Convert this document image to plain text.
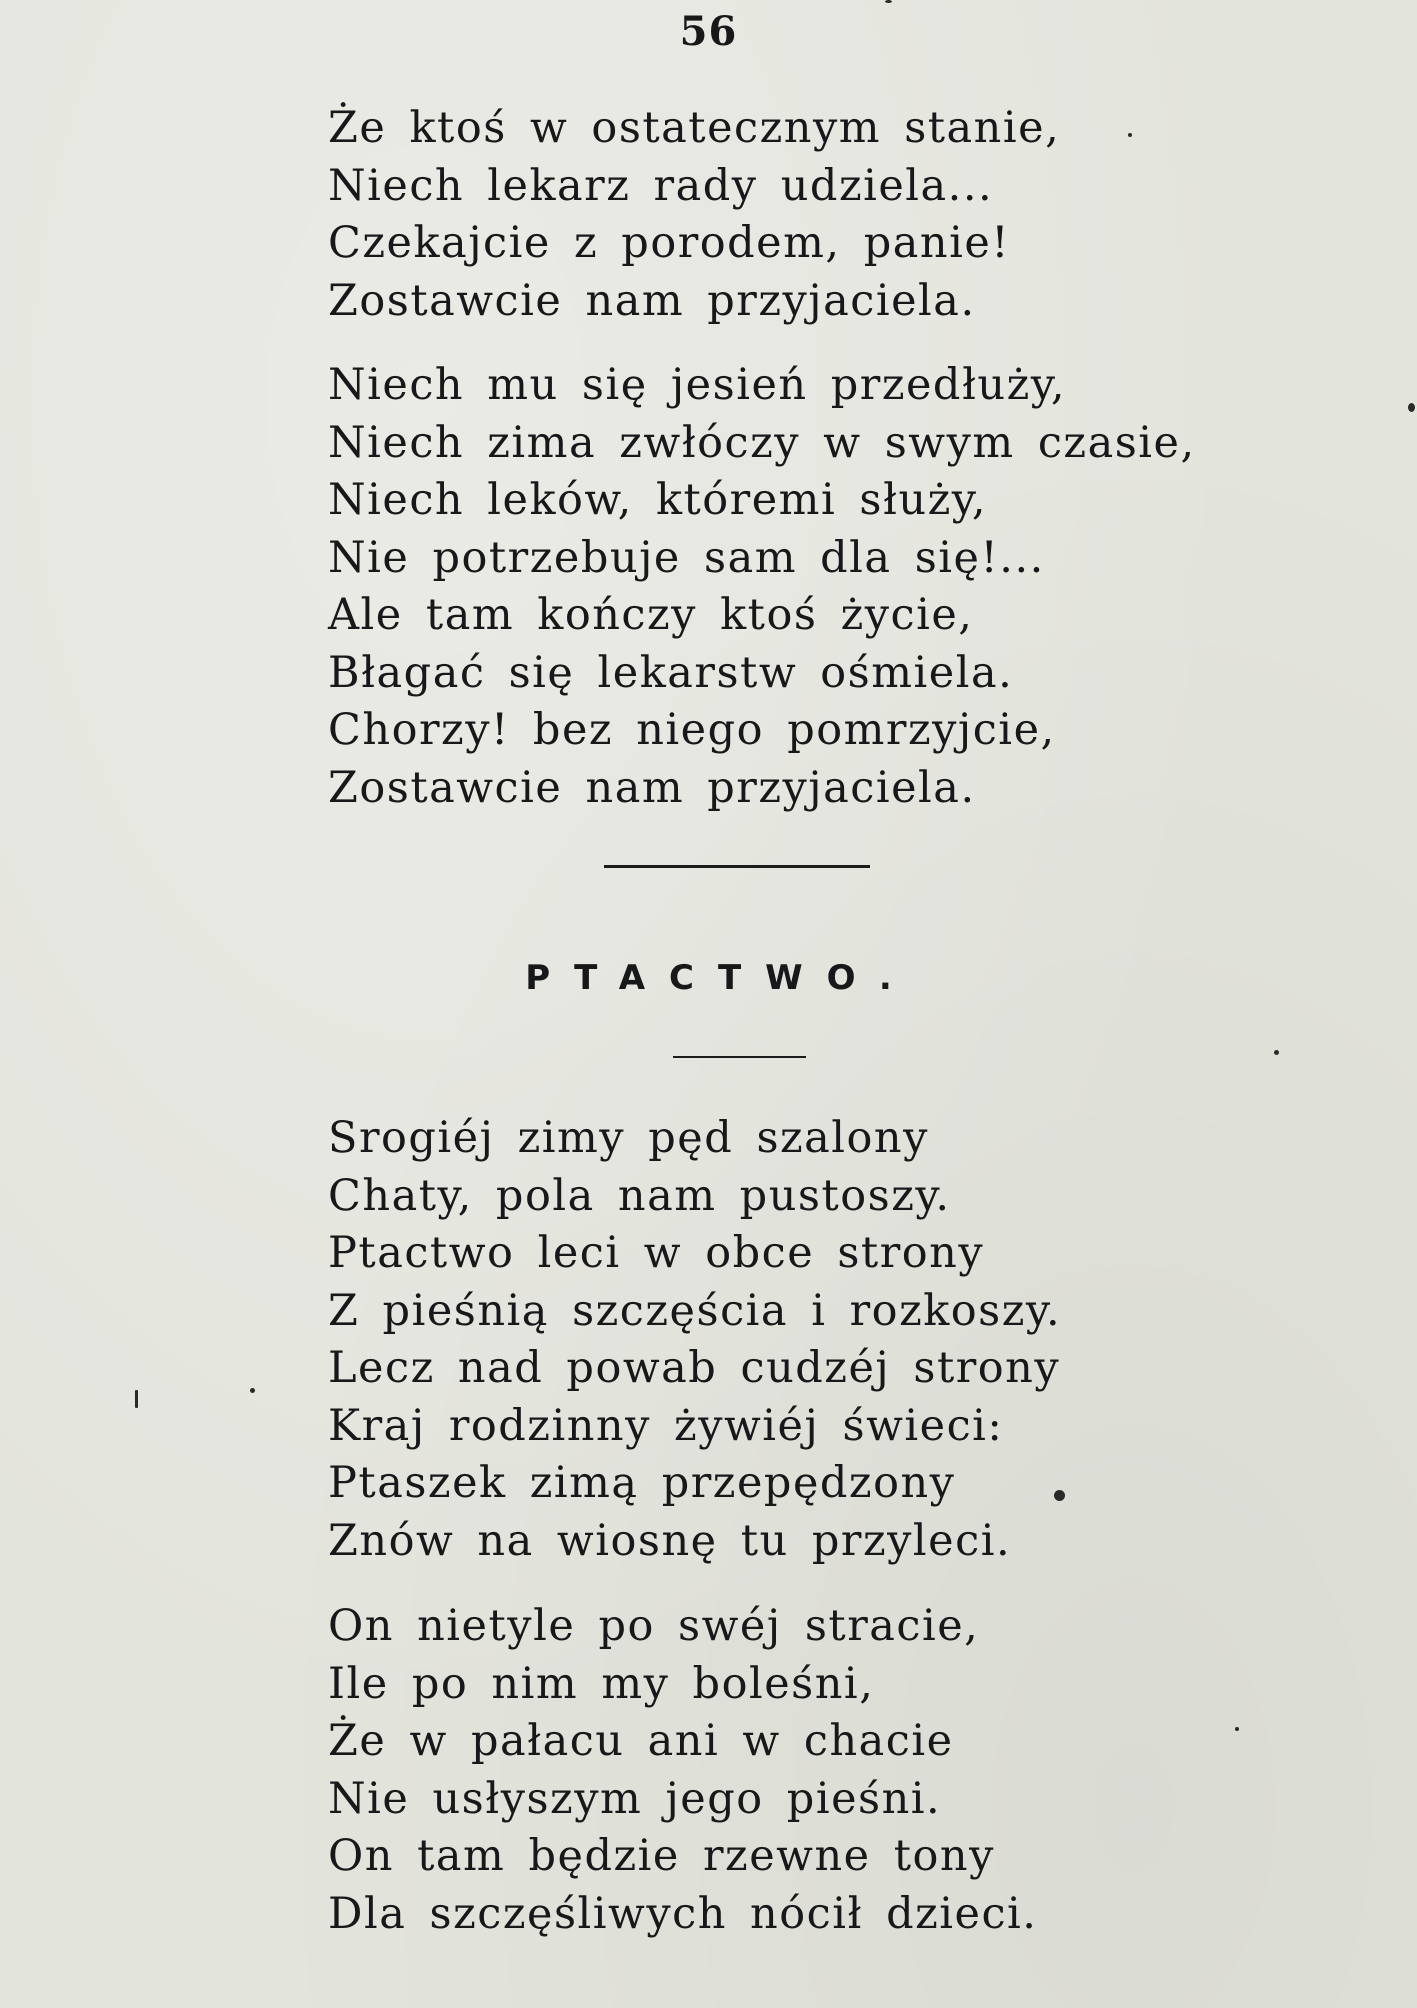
56
Że ktoś w ostatecznym stanie,
Niech lekarz rady udziela...
Czekajcie z porodem, panie!
Zostawcie nam przyjaciela.
Niech mu się jesień przedłuży,
Niech zima zwłóczy w swym czasie,
Niech leków, któremi służy,
Nie potrzebuje sam dla się!...
Ale tam kończy ktoś życie,
Błagać się lekarstw ośmiela.
Chorzy! bez niego pomrzyjcie,
Zostawcie nam przyjaciela.
PTACTWO.
Srogiéj zimy pęd szalony
Chaty, pola nam pustoszy.
Ptactwo leci w obce strony
Z pieśnią szczęścia i rozkoszy.
Lecz nad powab cudzéj strony
Kraj rodzinny żywiéj świeci:
Ptaszek zimą przepędzony
Znów na wiosnę tu przyleci.
On nietyle po swéj stracie,
Ile po nim my boleśni,
Że w pałacu ani w chacie
Nie usłyszym jego pieśni.
On tam będzie rzewne tony
Dla szczęśliwych nócił dzieci.
